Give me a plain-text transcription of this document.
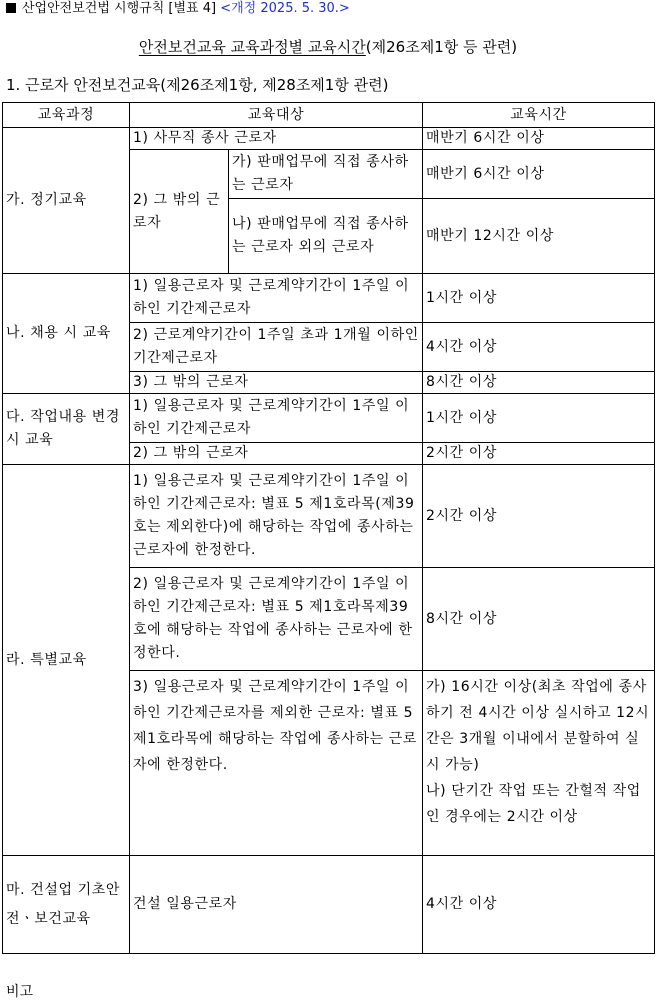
산업안전보건법 시행규칙 [별표 4] <개정 2025. 5. 30.>
안전보건교육 교육과정별 교육시간(제26조제1항 등 관련)
1. 근로자 안전보건교육(제26조제1항, 제28조제1항 관련)
교육과정	교육대상		교육시간
가. 정기교육	1) 사무직 종사 근로자		매반기 6시간 이상
	2) 그 밖의 근로자	가) 판매업무에 직접 종사하는 근로자	매반기 6시간 이상
		나) 판매업무에 직접 종사하는 근로자 외의 근로자	매반기 12시간 이상

나. 채용 시 교육	1) 일용근로자 및 근로계약기간이 1주일 이하인 기간제근로자		1시간 이상
	2) 근로계약기간이 1주일 초과 1개월 이하인 기간제근로자		4시간 이상
	3) 그 밖의 근로자		8시간 이상
다. 작업내용 변경 시 교육	1) 일용근로자 및 근로계약기간이 1주일 이하인 기간제근로자		1시간 이상
	2) 그 밖의 근로자		2시간 이상
라. 특별교육	1) 일용근로자 및 근로계약기간이 1주일 이하인 기간제근로자: 별표 5 제1호라목(제39호는 제외한다)에 해당하는 작업에 종사하는 근로자에 한정한다.		2시간 이상
	2) 일용근로자 및 근로계약기간이 1주일 이하인 기간제근로자: 별표 5 제1호라목제39호에 해당하는 작업에 종사하는 근로자에 한정한다.		8시간 이상
	3) 일용근로자 및 근로계약기간이 1주일 이하인 기간제근로자를 제외한 근로자: 별표 5 제1호라목에 해당하는 작업에 종사하는 근로자에 한정한다.		가) 16시간 이상(최초 작업에 종사하기 전 4시간 이상 실시하고 12시간은 3개월 이내에서 분할하여 실시 가능)
나) 단기간 작업 또는 간헐적 작업인 경우에는 2시간 이상

마. 건설업 기초안전ㆍ보건교육	건설 일용근로자		4시간 이상
비고
